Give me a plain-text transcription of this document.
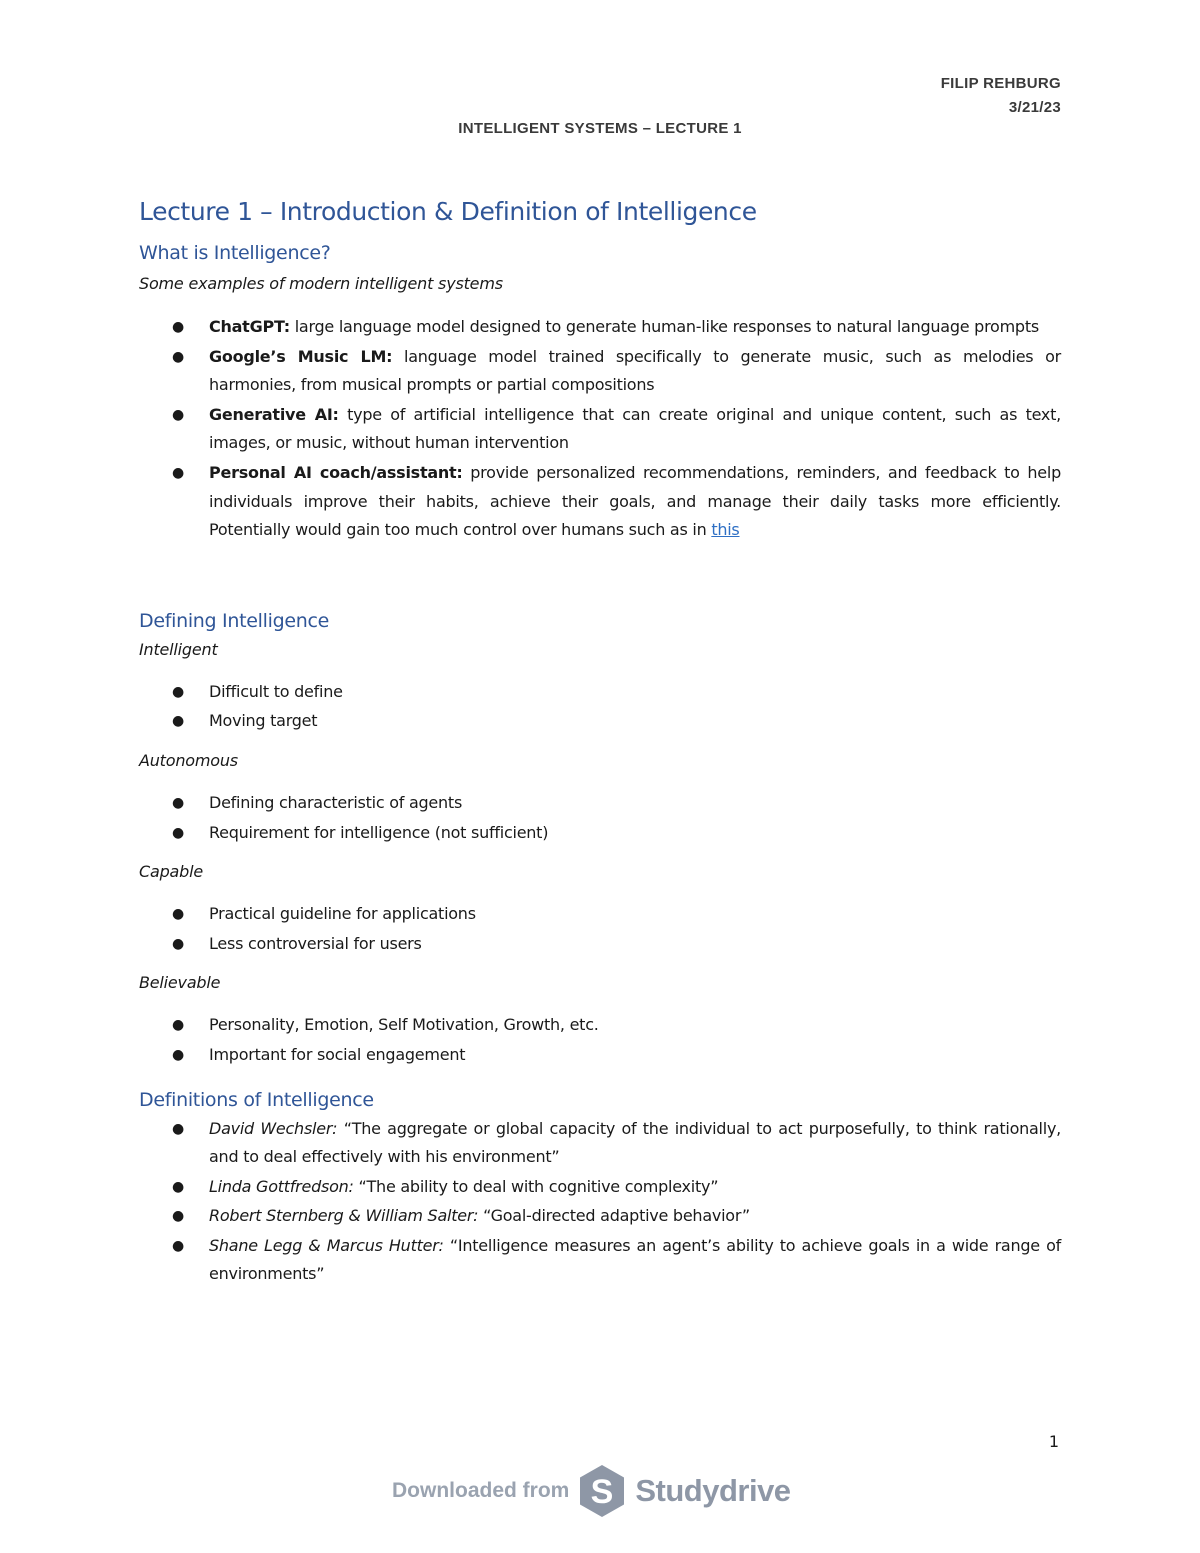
FILIP REHBURG
3/21/23
INTELLIGENT SYSTEMS – LECTURE 1
Lecture 1 – Introduction & Definition of Intelligence
What is Intelligence?
Some examples of modern intelligent systems
● ChatGPT: large language model designed to generate human-like responses to natural language prompts
● Google’s Music LM: language model trained specifically to generate music, such as melodies or harmonies, from musical prompts or partial compositions
● Generative AI: type of artificial intelligence that can create original and unique content, such as text, images, or music, without human intervention
● Personal AI coach/assistant: provide personalized recommendations, reminders, and feedback to help individuals improve their habits, achieve their goals, and manage their daily tasks more efficiently. Potentially would gain too much control over humans such as in this
Defining Intelligence
Intelligent
● Difficult to define
● Moving target
Autonomous
● Defining characteristic of agents
● Requirement for intelligence (not sufficient)
Capable
● Practical guideline for applications
● Less controversial for users
Believable
● Personality, Emotion, Self Motivation, Growth, etc.
● Important for social engagement
Definitions of Intelligence
● David Wechsler: “The aggregate or global capacity of the individual to act purposefully, to think rationally, and to deal effectively with his environment”
● Linda Gottfredson: “The ability to deal with cognitive complexity”
● Robert Sternberg & William Salter: “Goal-directed adaptive behavior”
● Shane Legg & Marcus Hutter: “Intelligence measures an agent’s ability to achieve goals in a wide range of environments”
1
Downloaded from S Studydrive
